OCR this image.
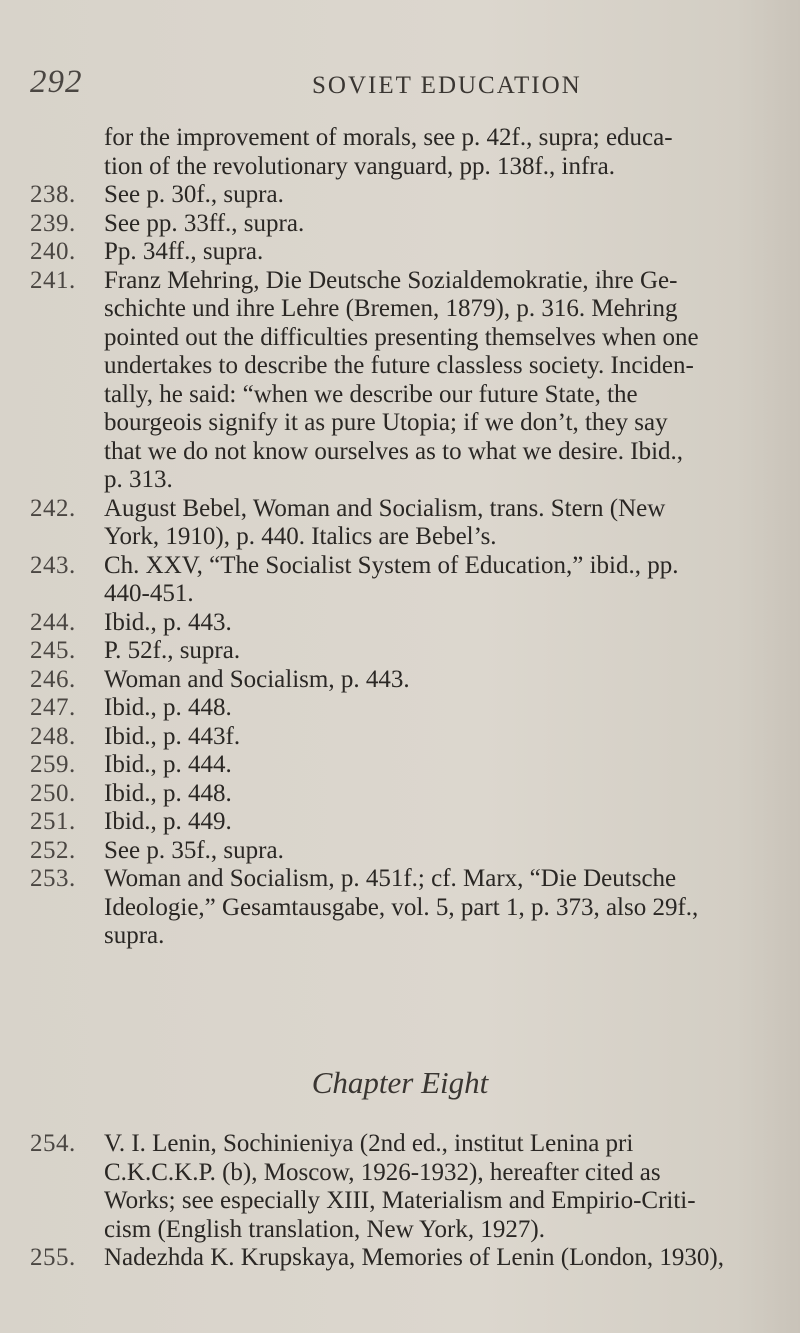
292	SOVIET EDUCATION
for the improvement of morals, see p. 42f., supra; educa-
tion of the revolutionary vanguard, pp. 138f., infra.
238.	See p. 30f., supra.
239.	See pp. 33ff., supra.
240.	Pp. 34ff., supra.
241.	Franz Mehring, Die Deutsche Sozialdemokratie, ihre Ge-
schichte und ihre Lehre (Bremen, 1879), p. 316. Mehring
pointed out the difficulties presenting themselves when one
undertakes to describe the future classless society. Inciden-
tally, he said: “when we describe our future State, the
bourgeois signify it as pure Utopia; if we don’t, they say
that we do not know ourselves as to what we desire. Ibid.,
p. 313.
242.	August Bebel, Woman and Socialism, trans. Stern (New
York, 1910), p. 440. Italics are Bebel’s.
243.	Ch. XXV, “The Socialist System of Education,” ibid., pp.
440-451.
244.	Ibid., p. 443.
245.	P. 52f., supra.
246.	Woman and Socialism, p. 443.
247.	Ibid., p. 448.
248.	Ibid., p. 443f.
259.	Ibid., p. 444.
250.	Ibid., p. 448.
251.	Ibid., p. 449.
252.	See p. 35f., supra.
253.	Woman and Socialism, p. 451f.; cf. Marx, “Die Deutsche
Ideologie,” Gesamtausgabe, vol. 5, part 1, p. 373, also 29f.,
supra.
Chapter Eight
254.	V. I. Lenin, Sochinieniya (2nd ed., institut Lenina pri
C.K.C.K.P. (b), Moscow, 1926-1932), hereafter cited as
Works; see especially XIII, Materialism and Empirio-Criti-
cism (English translation, New York, 1927).
255.	Nadezhda K. Krupskaya, Memories of Lenin (London, 1930),
